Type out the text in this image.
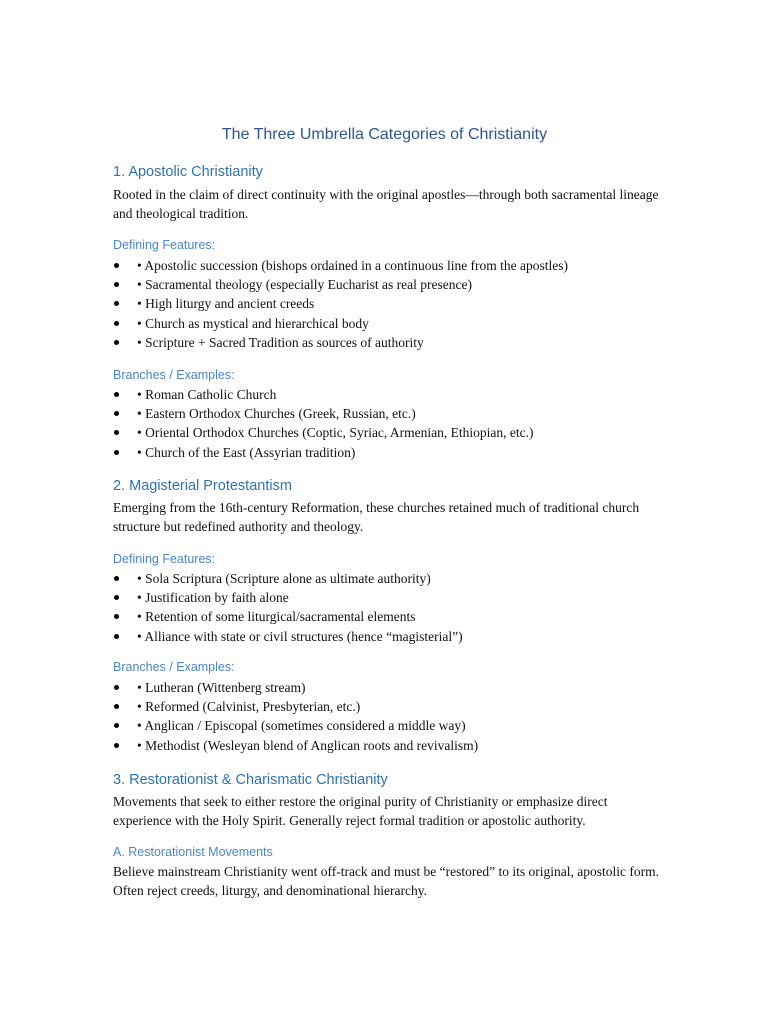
The Three Umbrella Categories of Christianity
1. Apostolic Christianity

Rooted in the claim of direct continuity with the original apostles—through both sacramental lineage and theological tradition.

Defining Features:
• Apostolic succession (bishops ordained in a continuous line from the apostles)
• Sacramental theology (especially Eucharist as real presence)
• High liturgy and ancient creeds
• Church as mystical and hierarchical body
• Scripture + Sacred Tradition as sources of authority
Branches / Examples:
• Roman Catholic Church
• Eastern Orthodox Churches (Greek, Russian, etc.)
• Oriental Orthodox Churches (Coptic, Syriac, Armenian, Ethiopian, etc.)
• Church of the East (Assyrian tradition)
2. Magisterial Protestantism

Emerging from the 16th-century Reformation, these churches retained much of traditional church structure but redefined authority and theology.

Defining Features:
• Sola Scriptura (Scripture alone as ultimate authority)
• Justification by faith alone
• Retention of some liturgical/sacramental elements
• Alliance with state or civil structures (hence “magisterial”)
Branches / Examples:
• Lutheran (Wittenberg stream)
• Reformed (Calvinist, Presbyterian, etc.)
• Anglican / Episcopal (sometimes considered a middle way)
• Methodist (Wesleyan blend of Anglican roots and revivalism)
3. Restorationist & Charismatic Christianity

Movements that seek to either restore the original purity of Christianity or emphasize direct experience with the Holy Spirit. Generally reject formal tradition or apostolic authority.

A. Restorationist Movements

Believe mainstream Christianity went off-track and must be “restored” to its original, apostolic form. Often reject creeds, liturgy, and denominational hierarchy.
